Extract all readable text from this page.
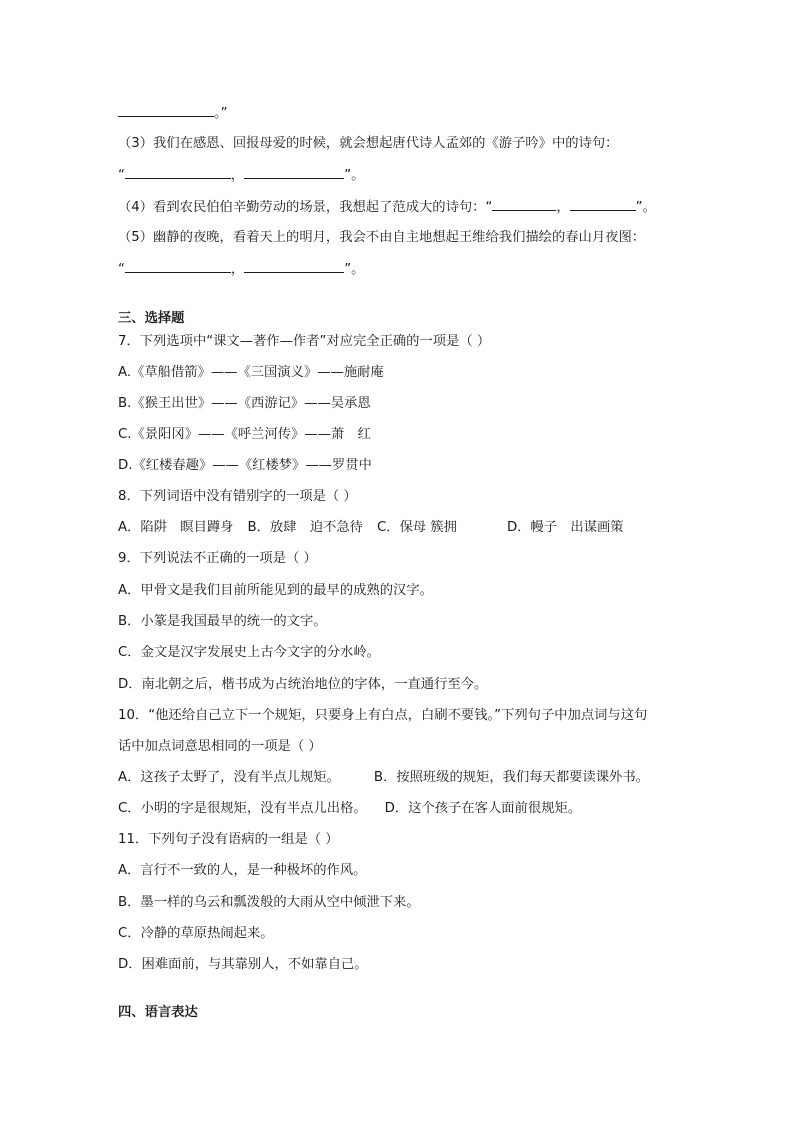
。”
（3）我们在感恩、回报母爱的时候，就会想起唐代诗人孟郊的《游子吟》中的诗句：
“	，	”。
（4）看到农民伯伯辛勤劳动的场景，我想起了范成大的诗句：“	，	”。
（5）幽静的夜晚，看着天上的明月，我会不由自主地想起王维给我们描绘的春山月夜图：
“	，	”。
三、选择题
7．下列选项中“课文—著作—作者”对应完全正确的一项是（ ）
A.《草船借箭》——《三国演义》——施耐庵
B.《猴王出世》——《西游记》——吴承恩
C.《景阳冈》——《呼兰河传》——萧　红
D.《红楼春趣》——《红楼梦》——罗贯中
8．下列词语中没有错别字的一项是（ ）
A．陷阱　瞑目蹲身 B．放肆　迫不急待 C．保母 簇拥	D．幔子　出谋画策
9．下列说法不正确的一项是（ ）
A．甲骨文是我们目前所能见到的最早的成熟的汉字。
B．小篆是我国最早的统一的文字。
C．金文是汉字发展史上古今文字的分水岭。
D．南北朝之后，楷书成为占统治地位的字体，一直通行至今。
10．“他还给自己立下一个规矩，只要身上有白点，白刷不要钱。”下列句子中加点词与这句
话中加点词意思相同的一项是（ ）
A．这孩子太野了，没有半点儿规矩。	B．按照班级的规矩，我们每天都要读课外书。
C．小明的字是很规矩，没有半点儿出格。 D．这个孩子在客人面前很规矩。
11．下列句子没有语病的一组是（ ）
A．言行不一致的人，是一种极坏的作风。
B．墨一样的乌云和瓢泼般的大雨从空中倾泄下来。
C．冷静的草原热闹起来。
D．困难面前，与其靠别人，不如靠自己。
四、语言表达
